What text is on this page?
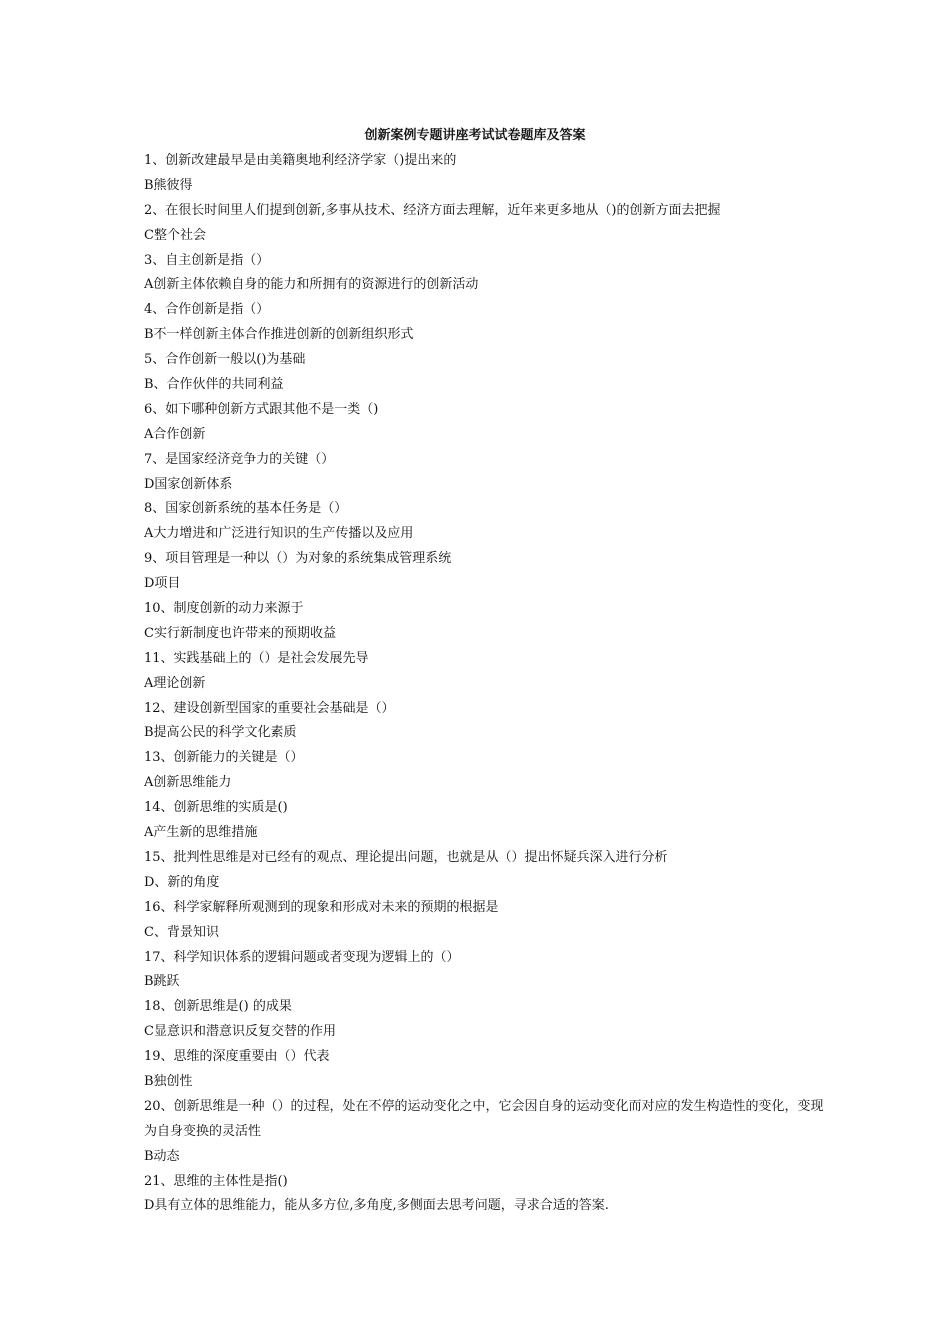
创新案例专题讲座考试试卷题库及答案
1、创新改建最早是由美籍奥地利经济学家（)提出来的
B熊彼得
2、在很长时间里人们提到创新,多事从技术、经济方面去理解，近年来更多地从（)的创新方面去把握
C整个社会
3、自主创新是指（）
A创新主体依赖自身的能力和所拥有的资源进行的创新活动
4、合作创新是指（）
B不一样创新主体合作推进创新的创新组织形式
5、合作创新一般以()为基础
B、合作伙伴的共同利益
6、如下哪种创新方式跟其他不是一类（)
A合作创新
7、是国家经济竞争力的关键（）
D国家创新体系
8、国家创新系统的基本任务是（）
A大力增进和广泛进行知识的生产传播以及应用
9、项目管理是一种以（）为对象的系统集成管理系统
D项目
10、制度创新的动力来源于
C实行新制度也许带来的预期收益
11、实践基础上的（）是社会发展先导
A理论创新
12、建设创新型国家的重要社会基础是（）
B提高公民的科学文化素质
13、创新能力的关键是（）
A创新思维能力
14、创新思维的实质是()
A产生新的思维措施
15、批判性思维是对已经有的观点、理论提出问题，也就是从（）提出怀疑兵深入进行分析
D、新的角度
16、科学家解释所观测到的现象和形成对未来的预期的根据是
C、背景知识
17、科学知识体系的逻辑问题或者变现为逻辑上的（）
B跳跃
18、创新思维是() 的成果
C显意识和潜意识反复交替的作用
19、思维的深度重要由（）代表
B独创性
20、创新思维是一种（）的过程，处在不停的运动变化之中，它会因自身的运动变化而对应的发生构造性的变化，变现为自身变换的灵活性
B动态
21、思维的主体性是指()
D具有立体的思维能力，能从多方位,多角度,多侧面去思考问题，寻求合适的答案.
